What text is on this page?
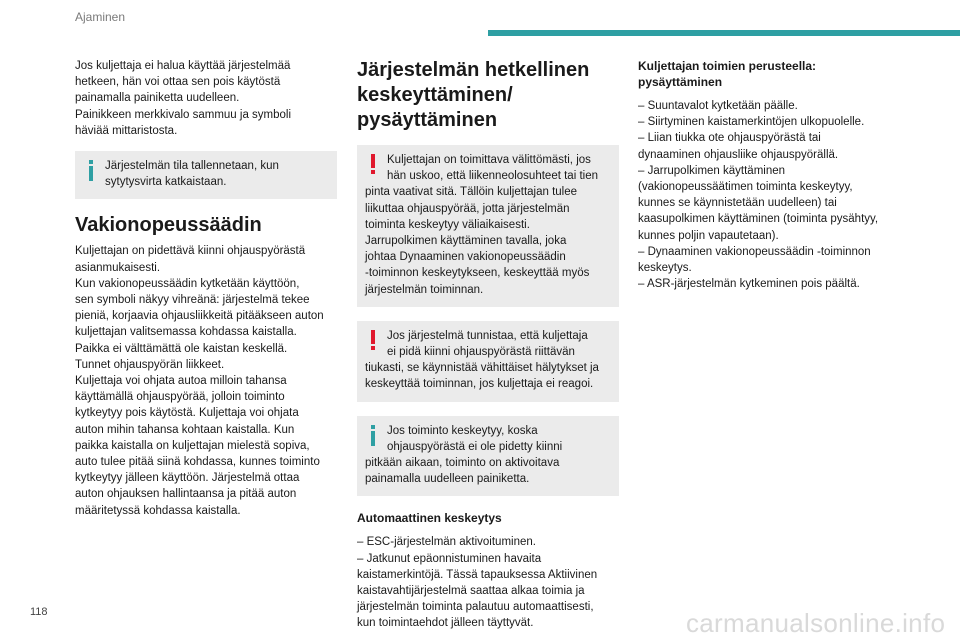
Ajaminen

Jos kuljettaja ei halua käyttää järjestelmää

hetkeen, hän voi ottaa sen pois käytöstä

painamalla painiketta uudelleen.

Painikkeen merkkivalo sammuu ja symboli

häviää mittaristosta.

Järjestelmän tila tallennetaan, kun

sytytysvirta katkaistaan.

Vakionopeussäädin

Kuljettajan on pidettävä kiinni ohjauspyörästä

asianmukaisesti.

Kun vakionopeussäädin kytketään käyttöön,

sen symboli näkyy vihreänä: järjestelmä tekee

pieniä, korjaavia ohjausliikkeitä pitääkseen auton

kuljettajan valitsemassa kohdassa kaistalla.

Paikka ei välttämättä ole kaistan keskellä.

Tunnet ohjauspyörän liikkeet.

Kuljettaja voi ohjata autoa milloin tahansa

käyttämällä ohjauspyörää, jolloin toiminto

kytkeytyy pois käytöstä. Kuljettaja voi ohjata

auton mihin tahansa kohtaan kaistalla. Kun

paikka kaistalla on kuljettajan mielestä sopiva,

auto tulee pitää siinä kohdassa, kunnes toiminto

kytkeytyy jälleen käyttöön. Järjestelmä ottaa

auton ohjauksen hallintaansa ja pitää auton

määritetyssä kohdassa kaistalla.

Järjestelmän hetkellinen
keskeyttäminen/
pysäyttäminen

Kuljettajan on toimittava välittömästi, jos

hän uskoo, että liikenneolosuhteet tai tien

pinta vaativat sitä. Tällöin kuljettajan tulee

liikuttaa ohjauspyörää, jotta järjestelmän

toiminta keskeytyy väliaikaisesti.

Jarrupolkimen käyttäminen tavalla, joka

johtaa Dynaaminen vakionopeussäädin

-toiminnon keskeytykseen, keskeyttää myös

järjestelmän toiminnan.

Jos järjestelmä tunnistaa, että kuljettaja

ei pidä kiinni ohjauspyörästä riittävän

tiukasti, se käynnistää vähittäiset hälytykset ja

keskeyttää toiminnan, jos kuljettaja ei reagoi.

Jos toiminto keskeytyy, koska

ohjauspyörästä ei ole pidetty kiinni

pitkään aikaan, toiminto on aktivoitava

painamalla uudelleen painiketta.

Automaattinen keskeytys

– ESC-järjestelmän aktivoituminen.

– Jatkunut epäonnistuminen havaita

kaistamerkintöjä. Tässä tapauksessa Aktiivinen

kaistavahtijärjestelmä saattaa alkaa toimia ja

järjestelmän toiminta palautuu automaattisesti,

kun toimintaehdot jälleen täyttyvät.

Kuljettajan toimien perusteella:
pysäyttäminen

– Suuntavalot kytketään päälle.

– Siirtyminen kaistamerkintöjen ulkopuolelle.

– Liian tiukka ote ohjauspyörästä tai

dynaaminen ohjausliike ohjauspyörällä.

– Jarrupolkimen käyttäminen

(vakionopeussäätimen toiminta keskeytyy,

kunnes se käynnistetään uudelleen) tai

kaasupolkimen käyttäminen (toiminta pysähtyy,

kunnes poljin vapautetaan).

– Dynaaminen vakionopeussäädin -toiminnon

keskeytys.

– ASR-järjestelmän kytkeminen pois päältä.

118	carmanualsonline.info
